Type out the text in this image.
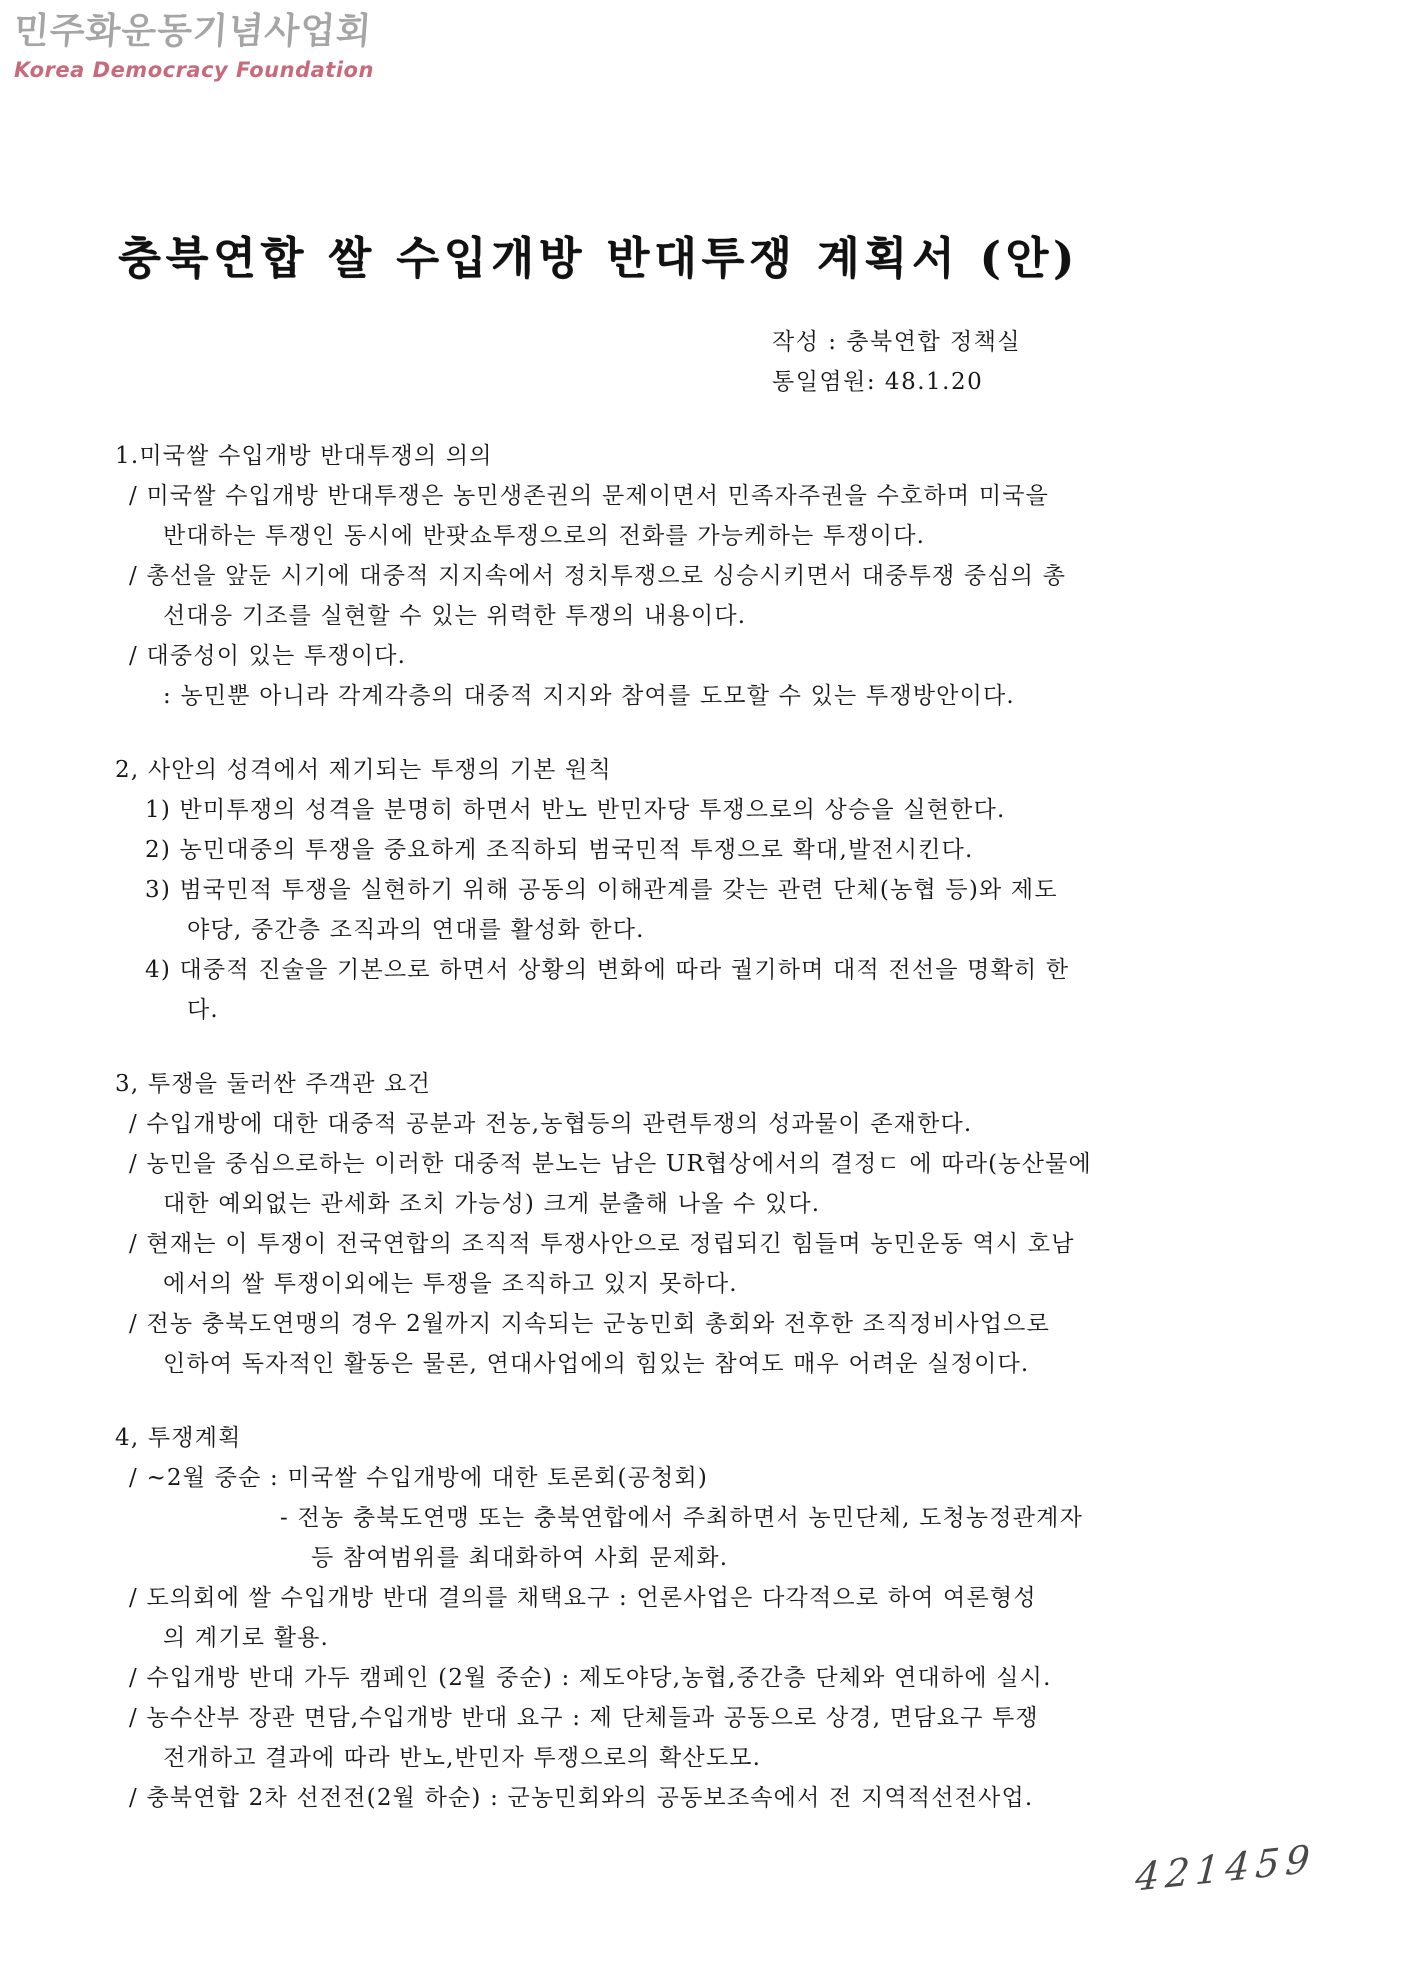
민주화운동기념사업회
Korea Democracy Foundation
충북연합 쌀 수입개방 반대투쟁 계획서 (안)
작성 : 충북연합 정책실
통일염원: 48.1.20
1.미국쌀 수입개방 반대투쟁의 의의
/ 미국쌀 수입개방 반대투쟁은 농민생존권의 문제이면서 민족자주권을 수호하며 미국을
반대하는 투쟁인 동시에 반팟쇼투쟁으로의 전화를 가능케하는 투쟁이다.
/ 총선을 앞둔 시기에 대중적 지지속에서 정치투쟁으로 싱승시키면서 대중투쟁 중심의 총
선대응 기조를 실현할 수 있는 위력한 투쟁의 내용이다.
/ 대중성이 있는 투쟁이다.
: 농민뿐 아니라 각계각층의 대중적 지지와 참여를 도모할 수 있는 투쟁방안이다.
2, 사안의 성격에서 제기되는 투쟁의 기본 원칙
1) 반미투쟁의 성격을 분명히 하면서 반노 반민자당 투쟁으로의 상승을 실현한다.
2) 농민대중의 투쟁을 중요하게 조직하되 범국민적 투쟁으로 확대,발전시킨다.
3) 범국민적 투쟁을 실현하기 위해 공동의 이해관계를 갖는 관련 단체(농협 등)와 제도
야당, 중간층 조직과의 연대를 활성화 한다.
4) 대중적 진술을 기본으로 하면서 상황의 변화에 따라 궐기하며 대적 전선을 명확히 한
다.
3, 투쟁을 둘러싼 주객관 요건
/ 수입개방에 대한 대중적 공분과 전농,농협등의 관련투쟁의 성과물이 존재한다.
/ 농민을 중심으로하는 이러한 대중적 분노는 남은 UR협상에서의 결정ㄷ 에 따라(농산물에
대한 예외없는 관세화 조치 가능성) 크게 분출해 나올 수 있다.
/ 현재는 이 투쟁이 전국연합의 조직적 투쟁사안으로 정립되긴 힘들며 농민운동 역시 호남
에서의 쌀 투쟁이외에는 투쟁을 조직하고 있지 못하다.
/ 전농 충북도연맹의 경우 2월까지 지속되는 군농민회 총회와 전후한 조직정비사업으로
인하여 독자적인 활동은 물론, 연대사업에의 힘있는 참여도 매우 어려운 실정이다.
4, 투쟁계획
/ ~2월 중순 : 미국쌀 수입개방에 대한 토론회(공청회)
- 전농 충북도연맹 또는 충북연합에서 주최하면서 농민단체, 도청농정관계자
등 참여범위를 최대화하여 사회 문제화.
/ 도의회에 쌀 수입개방 반대 결의를 채택요구 : 언론사업은 다각적으로 하여 여론형성
의 계기로 활용.
/ 수입개방 반대 가두 캠페인 (2월 중순) : 제도야당,농협,중간층 단체와 연대하에 실시.
/ 농수산부 장관 면담,수입개방 반대 요구 : 제 단체들과 공동으로 상경, 면담요구 투쟁
전개하고 결과에 따라 반노,반민자 투쟁으로의 확산도모.
/ 충북연합 2차 선전전(2월 하순) : 군농민회와의 공동보조속에서 전 지역적선전사업.
421459
